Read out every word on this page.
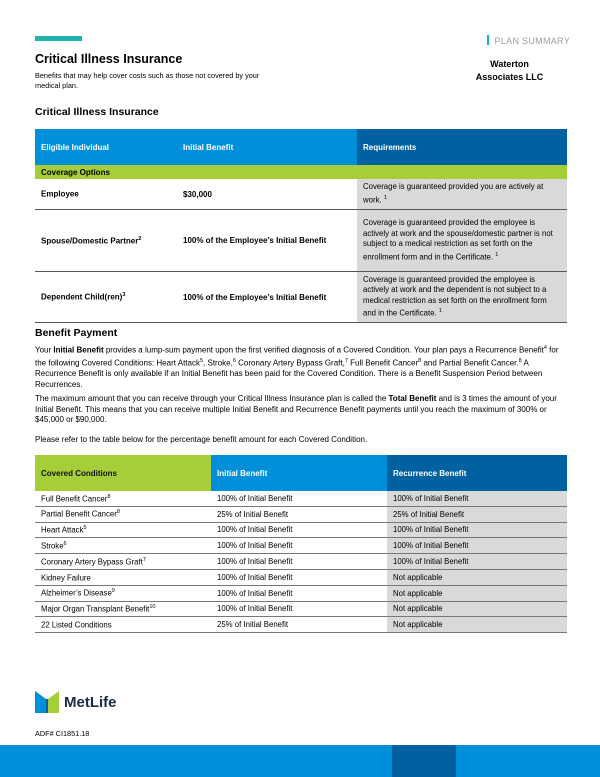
PLAN SUMMARY
Critical Illness Insurance
Benefits that may help cover costs such as those not covered by your medical plan.
Waterton
Associates LLC
Critical Illness Insurance
Eligible Individual	Initial Benefit	Requirements
Coverage Options		
Employee	$30,000	Coverage is guaranteed provided you are actively at work. $^1$
Spouse/Domestic Partner$^2$	100% of the Employee’s Initial Benefit	Coverage is guaranteed provided the employee is actively at work and the spouse/domestic partner is not subject to a medical restriction as set forth on the enrollment form and in the Certificate. $^1$
Dependent Child(ren)$^3$	100% of the Employee’s Initial Benefit	Coverage is guaranteed provided the employee is actively at work and the dependent is not subject to a medical restriction as set forth on the enrollment form and in the Certificate. $^1$
Benefit Payment
Your Initial Benefit provides a lump-sum payment upon the first verified diagnosis of a Covered Condition. Your plan pays a Recurrence Benefit$^4$ for the following Covered Conditions: Heart Attack$^5$, Stroke,$^6$ Coronary Artery Bypass Graft,$^7$ Full Benefit Cancer$^8$ and Partial Benefit Cancer.$^8$ A Recurrence Benefit is only available if an Initial Benefit has been paid for the Covered Condition. There is a Benefit Suspension Period between Recurrences.
The maximum amount that you can receive through your Critical Illness Insurance plan is called the Total Benefit and is 3 times the amount of your Initial Benefit. This means that you can receive multiple Initial Benefit and Recurrence Benefit payments until you reach the maximum of 300% or $45,000 or $90,000.
Please refer to the table below for the percentage benefit amount for each Covered Condition.
Covered Conditions	Initial Benefit	Recurrence Benefit
Full Benefit Cancer$^8$	100% of Initial Benefit	100% of Initial Benefit
Partial Benefit Cancer$^8$	25% of Initial Benefit	25% of Initial Benefit
Heart Attack$^5$	100% of Initial Benefit	100% of Initial Benefit
Stroke$^6$	100% of Initial Benefit	100% of Initial Benefit
Coronary Artery Bypass Graft$^7$	100% of Initial Benefit	100% of Initial Benefit
Kidney Failure	100% of Initial Benefit	Not applicable
Alzheimer’s Disease$^9$	100% of Initial Benefit	Not applicable
Major Organ Transplant Benefit$^{10}$	100% of Initial Benefit	Not applicable
22 Listed Conditions	25% of Initial Benefit	Not applicable
MetLife
ADF# CI1851.18
